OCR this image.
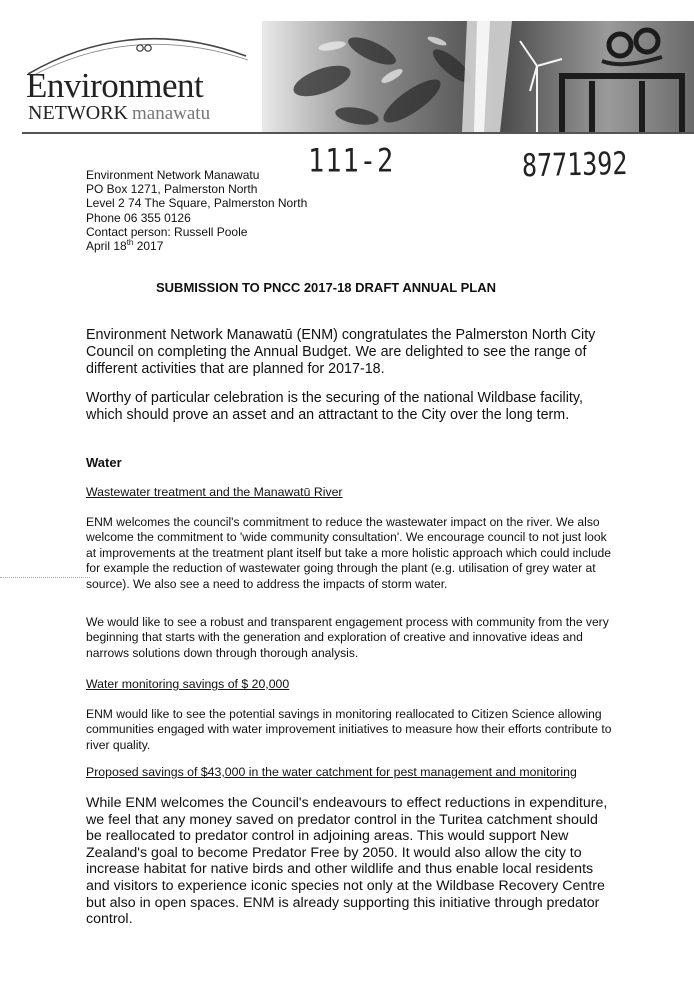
Environment
NETWORK manawatu
111-2	8771392
Environment Network Manawatu
PO Box 1271, Palmerston North
Level 2 74 The Square, Palmerston North
Phone 06 355 0126
Contact person: Russell Poole
April 18th 2017
SUBMISSION TO PNCC 2017-18 DRAFT ANNUAL PLAN
Environment Network Manawatū (ENM) congratulates the Palmerston North City Council on completing the Annual Budget. We are delighted to see the range of different activities that are planned for 2017-18.
Worthy of particular celebration is the securing of the national Wildbase facility, which should prove an asset and an attractant to the City over the long term.
Water
Wastewater treatment and the Manawatū River
ENM welcomes the council's commitment to reduce the wastewater impact on the river. We also welcome the commitment to 'wide community consultation'. We encourage council to not just look at improvements at the treatment plant itself but take a more holistic approach which could include for example the reduction of wastewater going through the plant (e.g. utilisation of grey water at source). We also see a need to address the impacts of storm water.
We would like to see a robust and transparent engagement process with community from the very beginning that starts with the generation and exploration of creative and innovative ideas and narrows solutions down through thorough analysis.
Water monitoring savings of $ 20,000
ENM would like to see the potential savings in monitoring reallocated to Citizen Science allowing communities engaged with water improvement initiatives to measure how their efforts contribute to river quality.
Proposed savings of $43,000 in the water catchment for pest management and monitoring
While ENM welcomes the Council's endeavours to effect reductions in expenditure, we feel that any money saved on predator control in the Turitea catchment should be reallocated to predator control in adjoining areas. This would support New Zealand's goal to become Predator Free by 2050. It would also allow the city to increase habitat for native birds and other wildlife and thus enable local residents and visitors to experience iconic species not only at the Wildbase Recovery Centre but also in open spaces. ENM is already supporting this initiative through predator control.
